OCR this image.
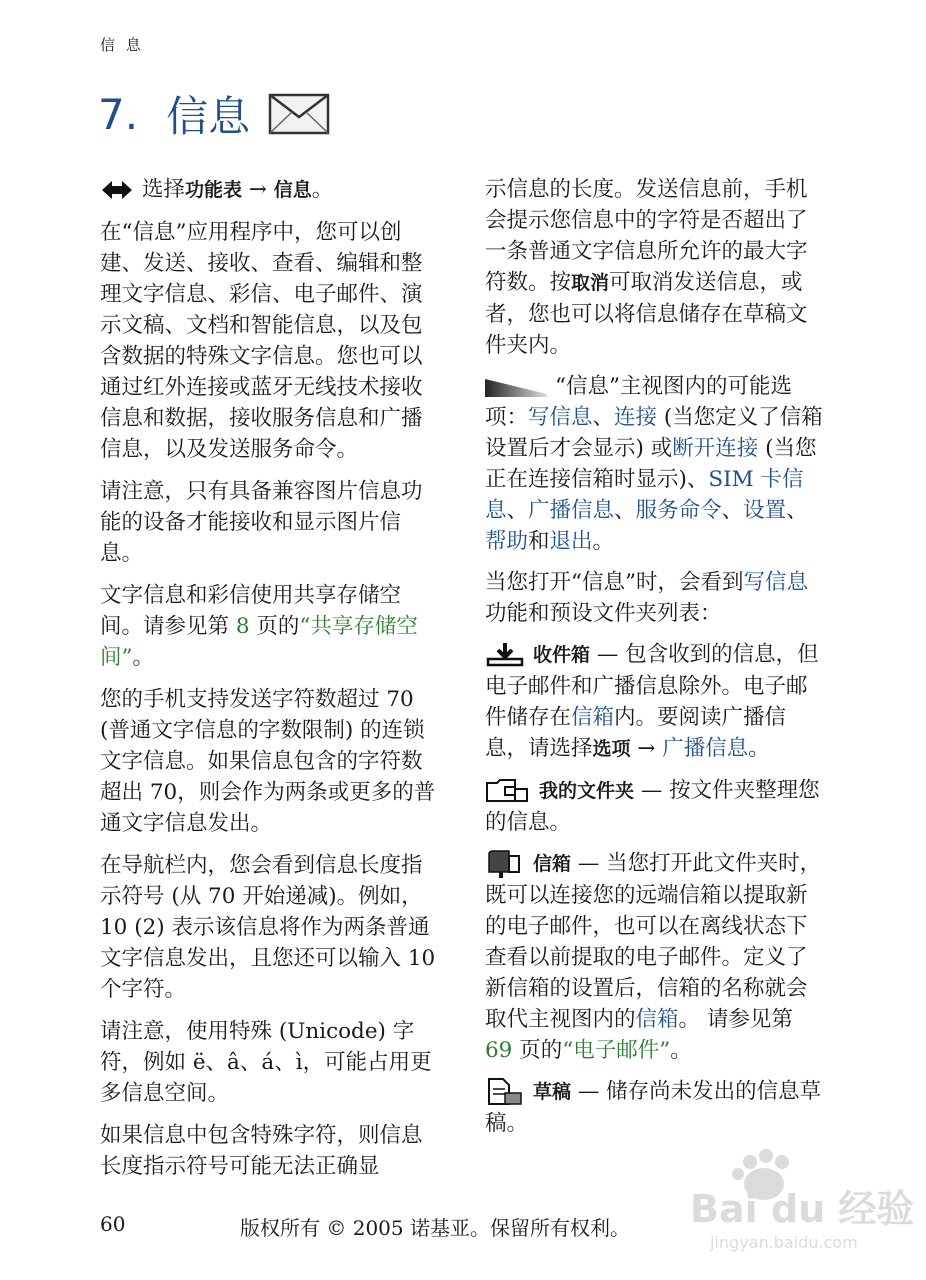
信 息
7. 信息

选择功能表 → 信息。

在“信息”应用程序中，您可以创建、发送、接收、查看、编辑和整理文字信息、彩信、电子邮件、演示文稿、文档和智能信息，以及包含数据的特殊文字信息。您也可以通过红外连接或蓝牙无线技术接收信息和数据，接收服务信息和广播信息，以及发送服务命令。

请注意，只有具备兼容图片信息功能的设备才能接收和显示图片信息。

文字信息和彩信使用共享存储空间。请参见第 8 页的“共享存储空间”。

您的手机支持发送字符数超过 70 (普通文字信息的字数限制) 的连锁文字信息。如果信息包含的字符数超出 70，则会作为两条或更多的普通文字信息发出。

在导航栏内，您会看到信息长度指示符号 (从 70 开始递减)。例如，10 (2) 表示该信息将作为两条普通文字信息发出，且您还可以输入 10 个字符。

请注意，使用特殊 (Unicode) 字符，例如 ë、â、á、ì，可能占用更多信息空间。

如果信息中包含特殊字符，则信息长度指示符号可能无法正确显

示信息的长度。发送信息前，手机会提示您信息中的字符是否超出了一条普通文字信息所允许的最大字符数。按取消可取消发送信息，或者，您也可以将信息储存在草稿文件夹内。

“信息”主视图内的可能选项：写信息、连接 (当您定义了信箱设置后才会显示) 或断开连接 (当您正在连接信箱时显示)、SIM 卡信息、广播信息、服务命令、设置、帮助和退出。

当您打开“信息”时，会看到写信息功能和预设文件夹列表：

收件箱 — 包含收到的信息，但电子邮件和广播信息除外。电子邮件储存在信箱内。要阅读广播信息，请选择选项 → 广播信息。

我的文件夹 — 按文件夹整理您的信息。

信箱 — 当您打开此文件夹时，既可以连接您的远端信箱以提取新的电子邮件，也可以在离线状态下查看以前提取的电子邮件。定义了新信箱的设置后，信箱的名称就会取代主视图内的信箱。 请参见第 69 页的“电子邮件”。

草稿 — 储存尚未发出的信息草稿。

60	版权所有 © 2005 诺基亚。保留所有权利。 Bai du 经验
jingyan.baidu.com
